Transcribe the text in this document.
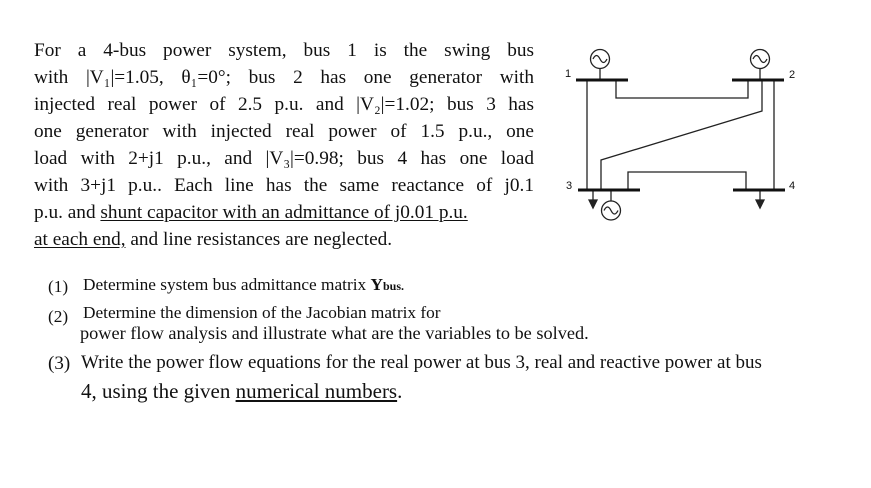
For a 4-bus power system, bus 1 is the swing bus
with |V₁|=1.05, θ₁=0°; bus 2 has one generator with
injected real power of 2.5 p.u. and |V₂|=1.02; bus 3 has
one generator with injected real power of 1.5 p.u., one
load with 2+j1 p.u., and |V₃|=0.98; bus 4 has one load
with 3+j1 p.u.. Each line has the same reactance of j0.1
p.u. and shunt capacitor with an admittance of j0.01 p.u.
at each end, and line resistances are neglected.
1	2
3	4
(1) Determine system bus admittance matrix Ybus.
(2) Determine the dimension of the Jacobian matrix for
power flow analysis and illustrate what are the variables to be solved.
(3) Write the power flow equations for the real power at bus 3, real and reactive power at bus
4, using the given numerical numbers.
